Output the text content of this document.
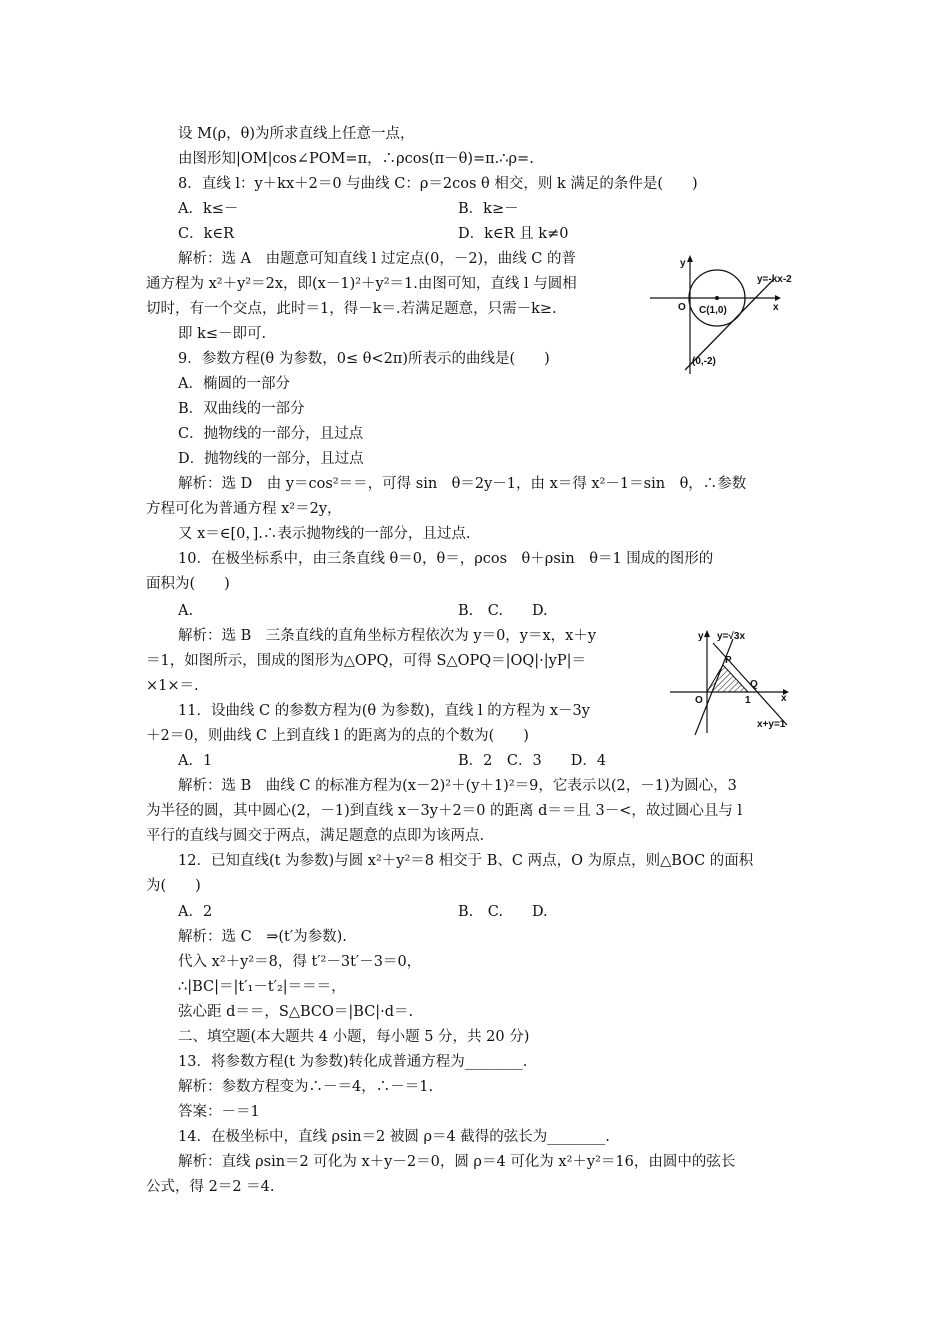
设 M(ρ，θ)为所求直线上任意一点，
由图形知|OM|cos∠POM=π，∴ρcos(π－θ)=π.∴ρ=.
8．直线 l：y＋kx＋2＝0 与曲线 C：ρ＝2cos θ 相交，则 k 满足的条件是(　　)
A．k≤－	B．k≥－
C．k∈R	D．k∈R 且 k≠0
解析：选 A　由题意可知直线 l 过定点(0，－2)，曲线 C 的普
通方程为 x²＋y²＝2x，即(x－1)²＋y²＝1.由图可知，直线 l 与圆相
切时，有一个交点，此时＝1，得－k＝.若满足题意，只需－k≥.
即 k≤－即可.
9．参数方程(θ 为参数，0≤ θ<2π)所表示的曲线是(　　)
A．椭圆的一部分
B．双曲线的一部分
C．抛物线的一部分，且过点
D．抛物线的一部分，且过点
解析：选 D　由 y＝cos²＝＝，可得 sin　θ＝2y－1，由 x＝得 x²－1＝sin　θ，∴参数
方程可化为普通方程 x²＝2y，
又 x＝∈[0，].∴表示抛物线的一部分，且过点.
10．在极坐标系中，由三条直线 θ＝0，θ＝，ρcos　θ＋ρsin　θ＝1 围成的图形的
面积为(　　)
A.	B.　C.　　D.
解析：选 B　三条直线的直角坐标方程依次为 y＝0，y＝x，x＋y
＝1，如图所示，围成的图形为△OPQ，可得 S△OPQ＝|OQ|·|yP|＝
×1×＝.
11．设曲线 C 的参数方程为(θ 为参数)，直线 l 的方程为 x－3y
＋2＝0，则曲线 C 上到直线 l 的距离为的点的个数为(　　)
A．1	B．2　C．3　　D．4
解析：选 B　曲线 C 的标准方程为(x－2)²＋(y＋1)²＝9，它表示以(2，－1)为圆心，3
为半径的圆，其中圆心(2，－1)到直线 x－3y＋2＝0 的距离 d＝＝且 3－<，故过圆心且与 l
平行的直线与圆交于两点，满足题意的点即为该两点.
12．已知直线(t 为参数)与圆 x²＋y²＝8 相交于 B、C 两点，O 为原点，则△BOC 的面积
为(　　)
A．2	B.　C.　　D.
解析：选 C　⇒(t′为参数).
代入 x²＋y²＝8，得 t′²－3t′－3＝0，
∴|BC|＝|t′₁－t′₂|＝＝＝，
弦心距 d＝＝，S△BCO＝|BC|·d＝.
二、填空题(本大题共 4 小题，每小题 5 分，共 20 分)
13．将参数方程(t 为参数)转化成普通方程为________.
解析：参数方程变为∴－＝4，∴－＝1.
答案：－＝1
14．在极坐标中，直线 ρsin＝2 被圆 ρ＝4 截得的弦长为________.
解析：直线 ρsin＝2 可化为 x＋y－2＝0，圆 ρ＝4 可化为 x²＋y²＝16，由圆中的弦长
公式，得 2＝2 ＝4.
y
x
O C(1,0)
(0,-2)
y=-kx-2
y y=√3x
P
Q
O	1	x
x+y=1
